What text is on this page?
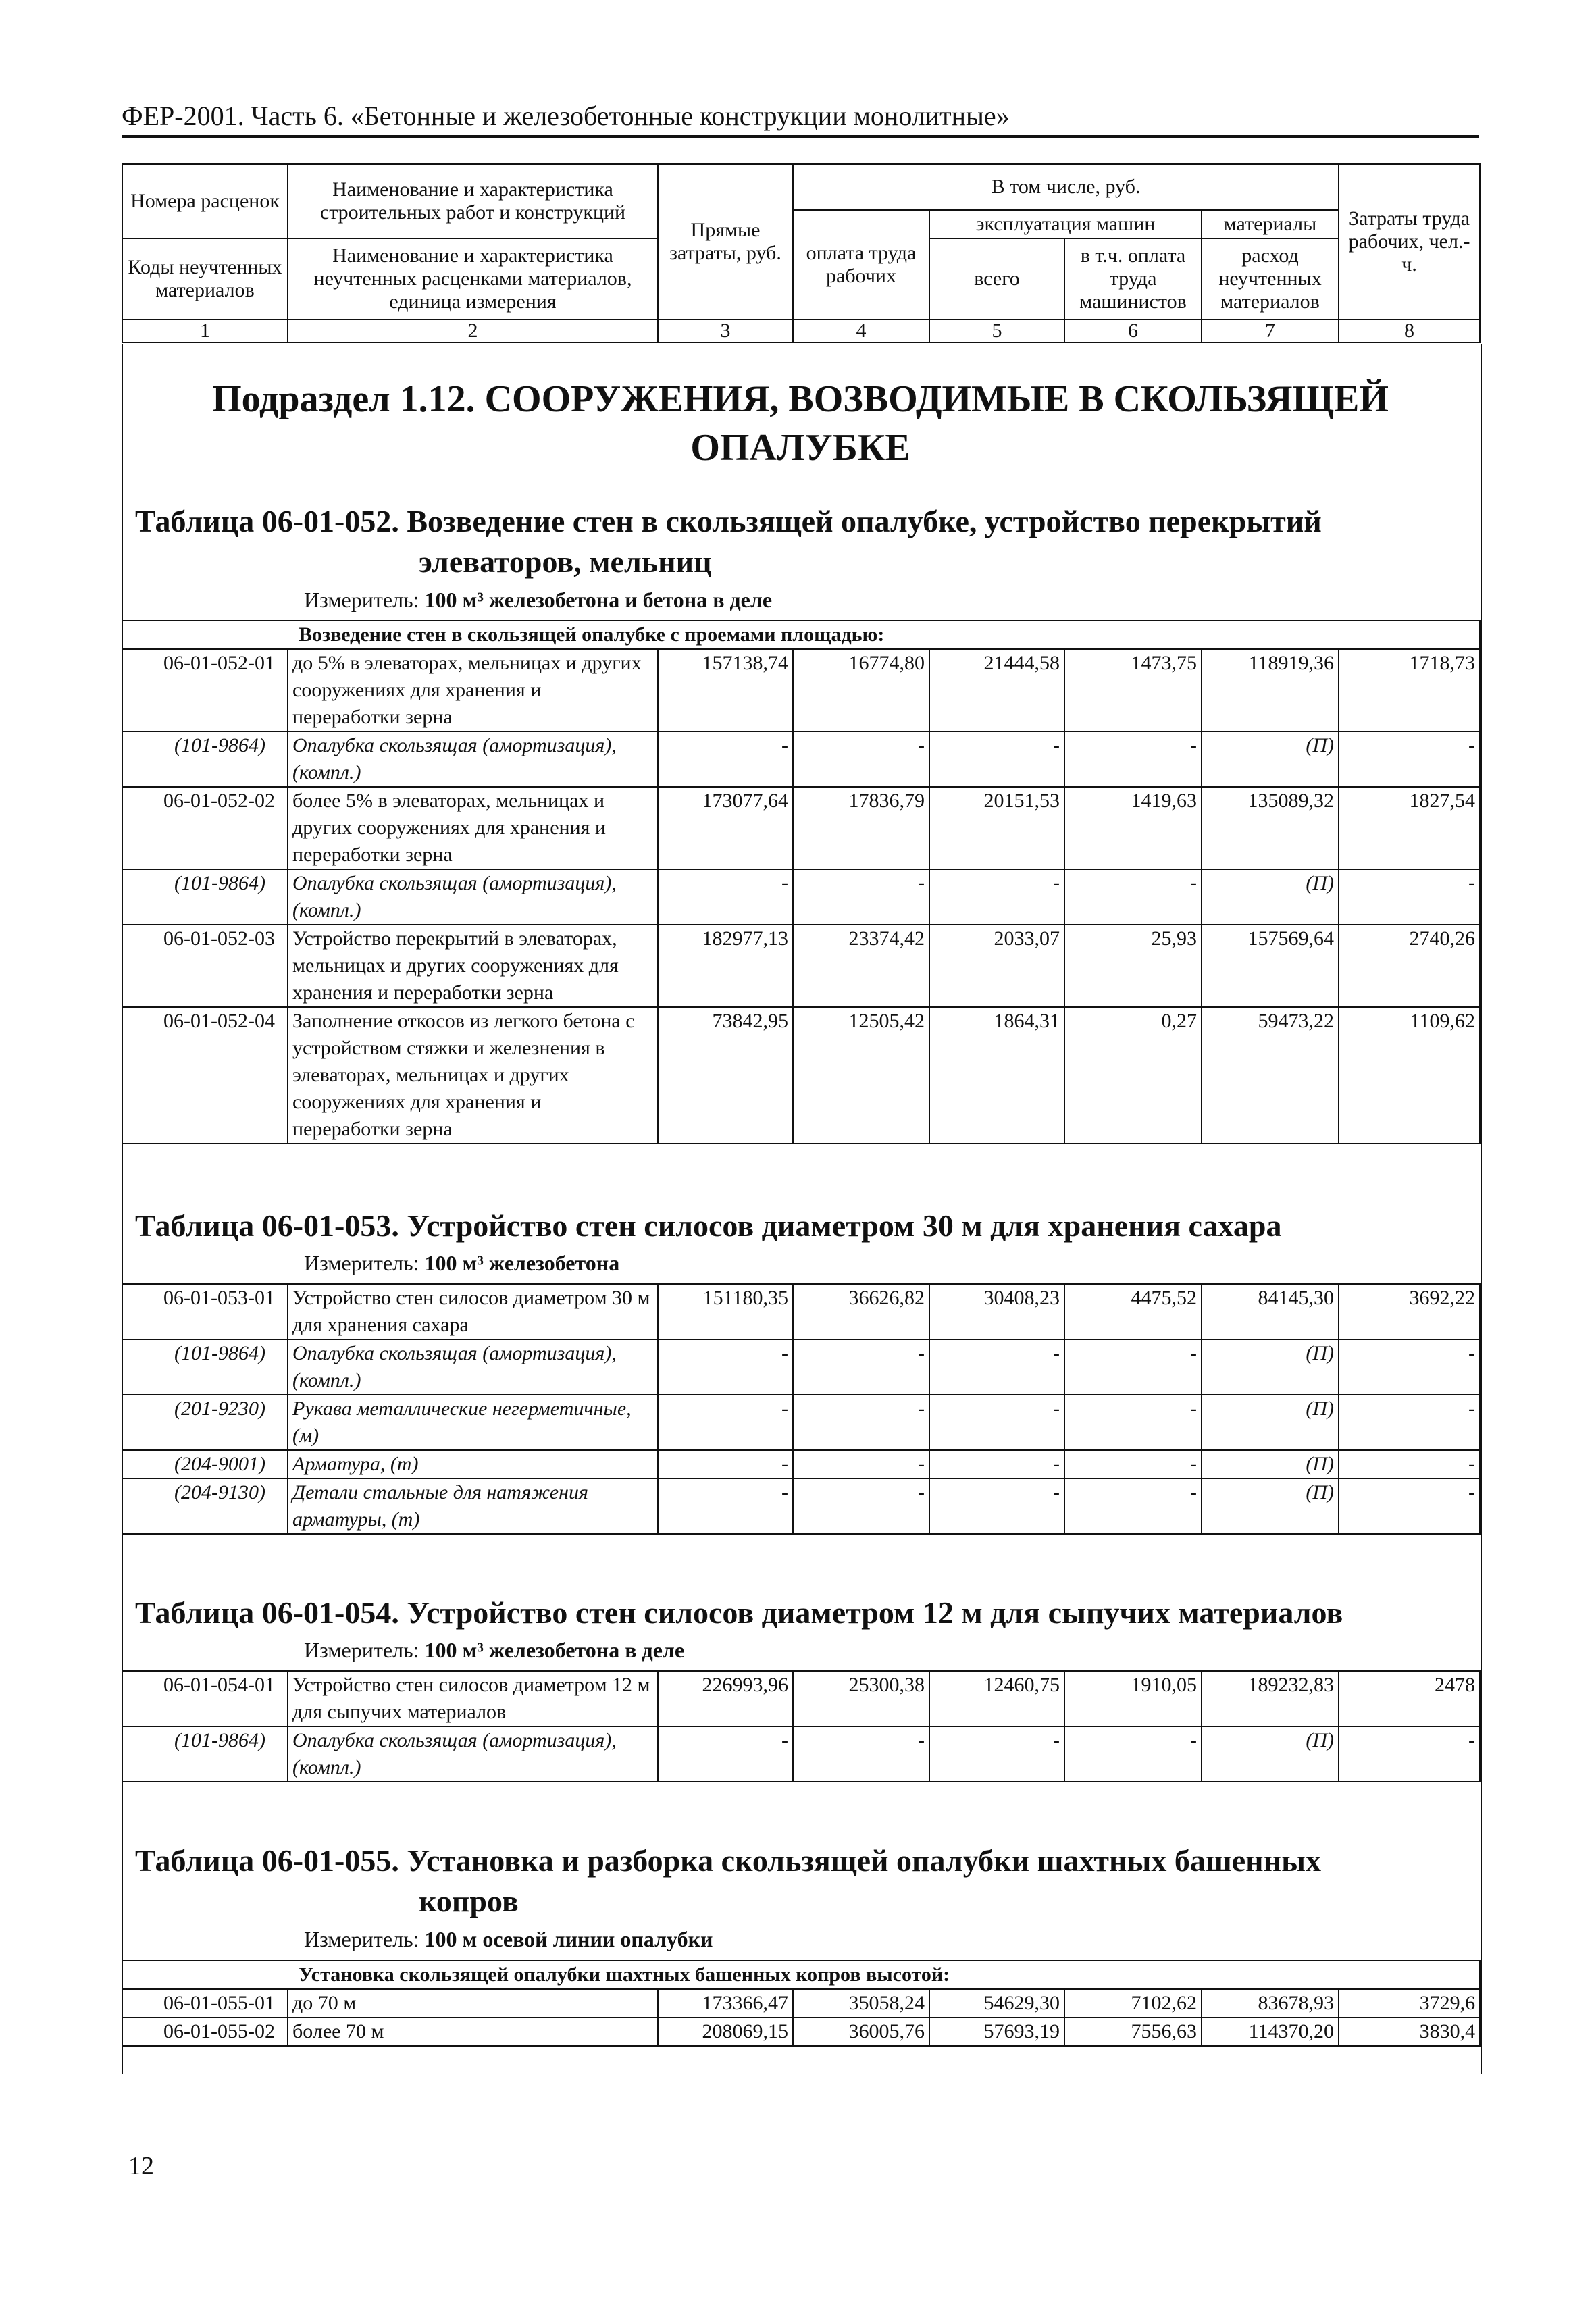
ФЕР-2001. Часть 6. «Бетонные и железобетонные конструкции монолитные»
Номера расценок	Наименование и характеристика строительных работ и конструкций	Прямые затраты, руб.	В том числе, руб.				Затраты труда рабочих, чел.-ч.
			оплата труда рабочих	эксплуатация машин		материалы	
Коды неучтенных материалов	Наименование и характеристика неучтенных расценками материалов, единица измерения			всего	в т.ч. оплата труда машинистов	расход неучтенных материалов	

1	2	3	4	5	6	7	8
Подраздел 1.12. СООРУЖЕНИЯ, ВОЗВОДИМЫЕ В СКОЛЬЗЯЩЕЙ
ОПАЛУБКЕ
Таблица 06-01-052. Возведение стен в скользящей опалубке, устройство перекрытий
элеваторов, мельниц
Измеритель: 100 м³ железобетона и бетона в деле
Возведение стен в скользящей опалубке с проемами площадью:							
06-01-052-01	до 5% в элеваторах, мельницах и других сооружениях для хранения и переработки зерна	157138,74	16774,80	21444,58	1473,75	118919,36	1718,73
(101-9864)	Опалубка скользящая (амортизация), (компл.)	-	-	-	-	(П)	-
06-01-052-02	более 5% в элеваторах, мельницах и других сооружениях для хранения и переработки зерна	173077,64	17836,79	20151,53	1419,63	135089,32	1827,54
(101-9864)	Опалубка скользящая (амортизация), (компл.)	-	-	-	-	(П)	-
06-01-052-03	Устройство перекрытий в элеваторах, мельницах и других сооружениях для хранения и переработки зерна	182977,13	23374,42	2033,07	25,93	157569,64	2740,26
06-01-052-04	Заполнение откосов из легкого бетона с устройством стяжки и железнения в элеваторах, мельницах и других сооружениях для хранения и переработки зерна	73842,95	12505,42	1864,31	0,27	59473,22	1109,62
Таблица 06-01-053. Устройство стен силосов диаметром 30 м для хранения сахара
Измеритель: 100 м³ железобетона
06-01-053-01	Устройство стен силосов диаметром 30 м для хранения сахара	151180,35	36626,82	30408,23	4475,52	84145,30	3692,22
(101-9864)	Опалубка скользящая (амортизация), (компл.)	-	-	-	-	(П)	-
(201-9230)	Рукава металлические негерметичные, (м)	-	-	-	-	(П)	-
(204-9001)	Арматура, (т)	-	-	-	-	(П)	-
(204-9130)	Детали стальные для натяжения арматуры, (т)	-	-	-	-	(П)	-
Таблица 06-01-054. Устройство стен силосов диаметром 12 м для сыпучих материалов
Измеритель: 100 м³ железобетона в деле
06-01-054-01	Устройство стен силосов диаметром 12 м для сыпучих материалов	226993,96	25300,38	12460,75	1910,05	189232,83	2478
(101-9864)	Опалубка скользящая (амортизация), (компл.)	-	-	-	-	(П)	-
Таблица 06-01-055. Установка и разборка скользящей опалубки шахтных башенных
копров
Измеритель: 100 м осевой линии опалубки
Установка скользящей опалубки шахтных башенных копров высотой:							
06-01-055-01	до 70 м	173366,47	35058,24	54629,30	7102,62	83678,93	3729,6
06-01-055-02	более 70 м	208069,15	36005,76	57693,19	7556,63	114370,20	3830,4
12
